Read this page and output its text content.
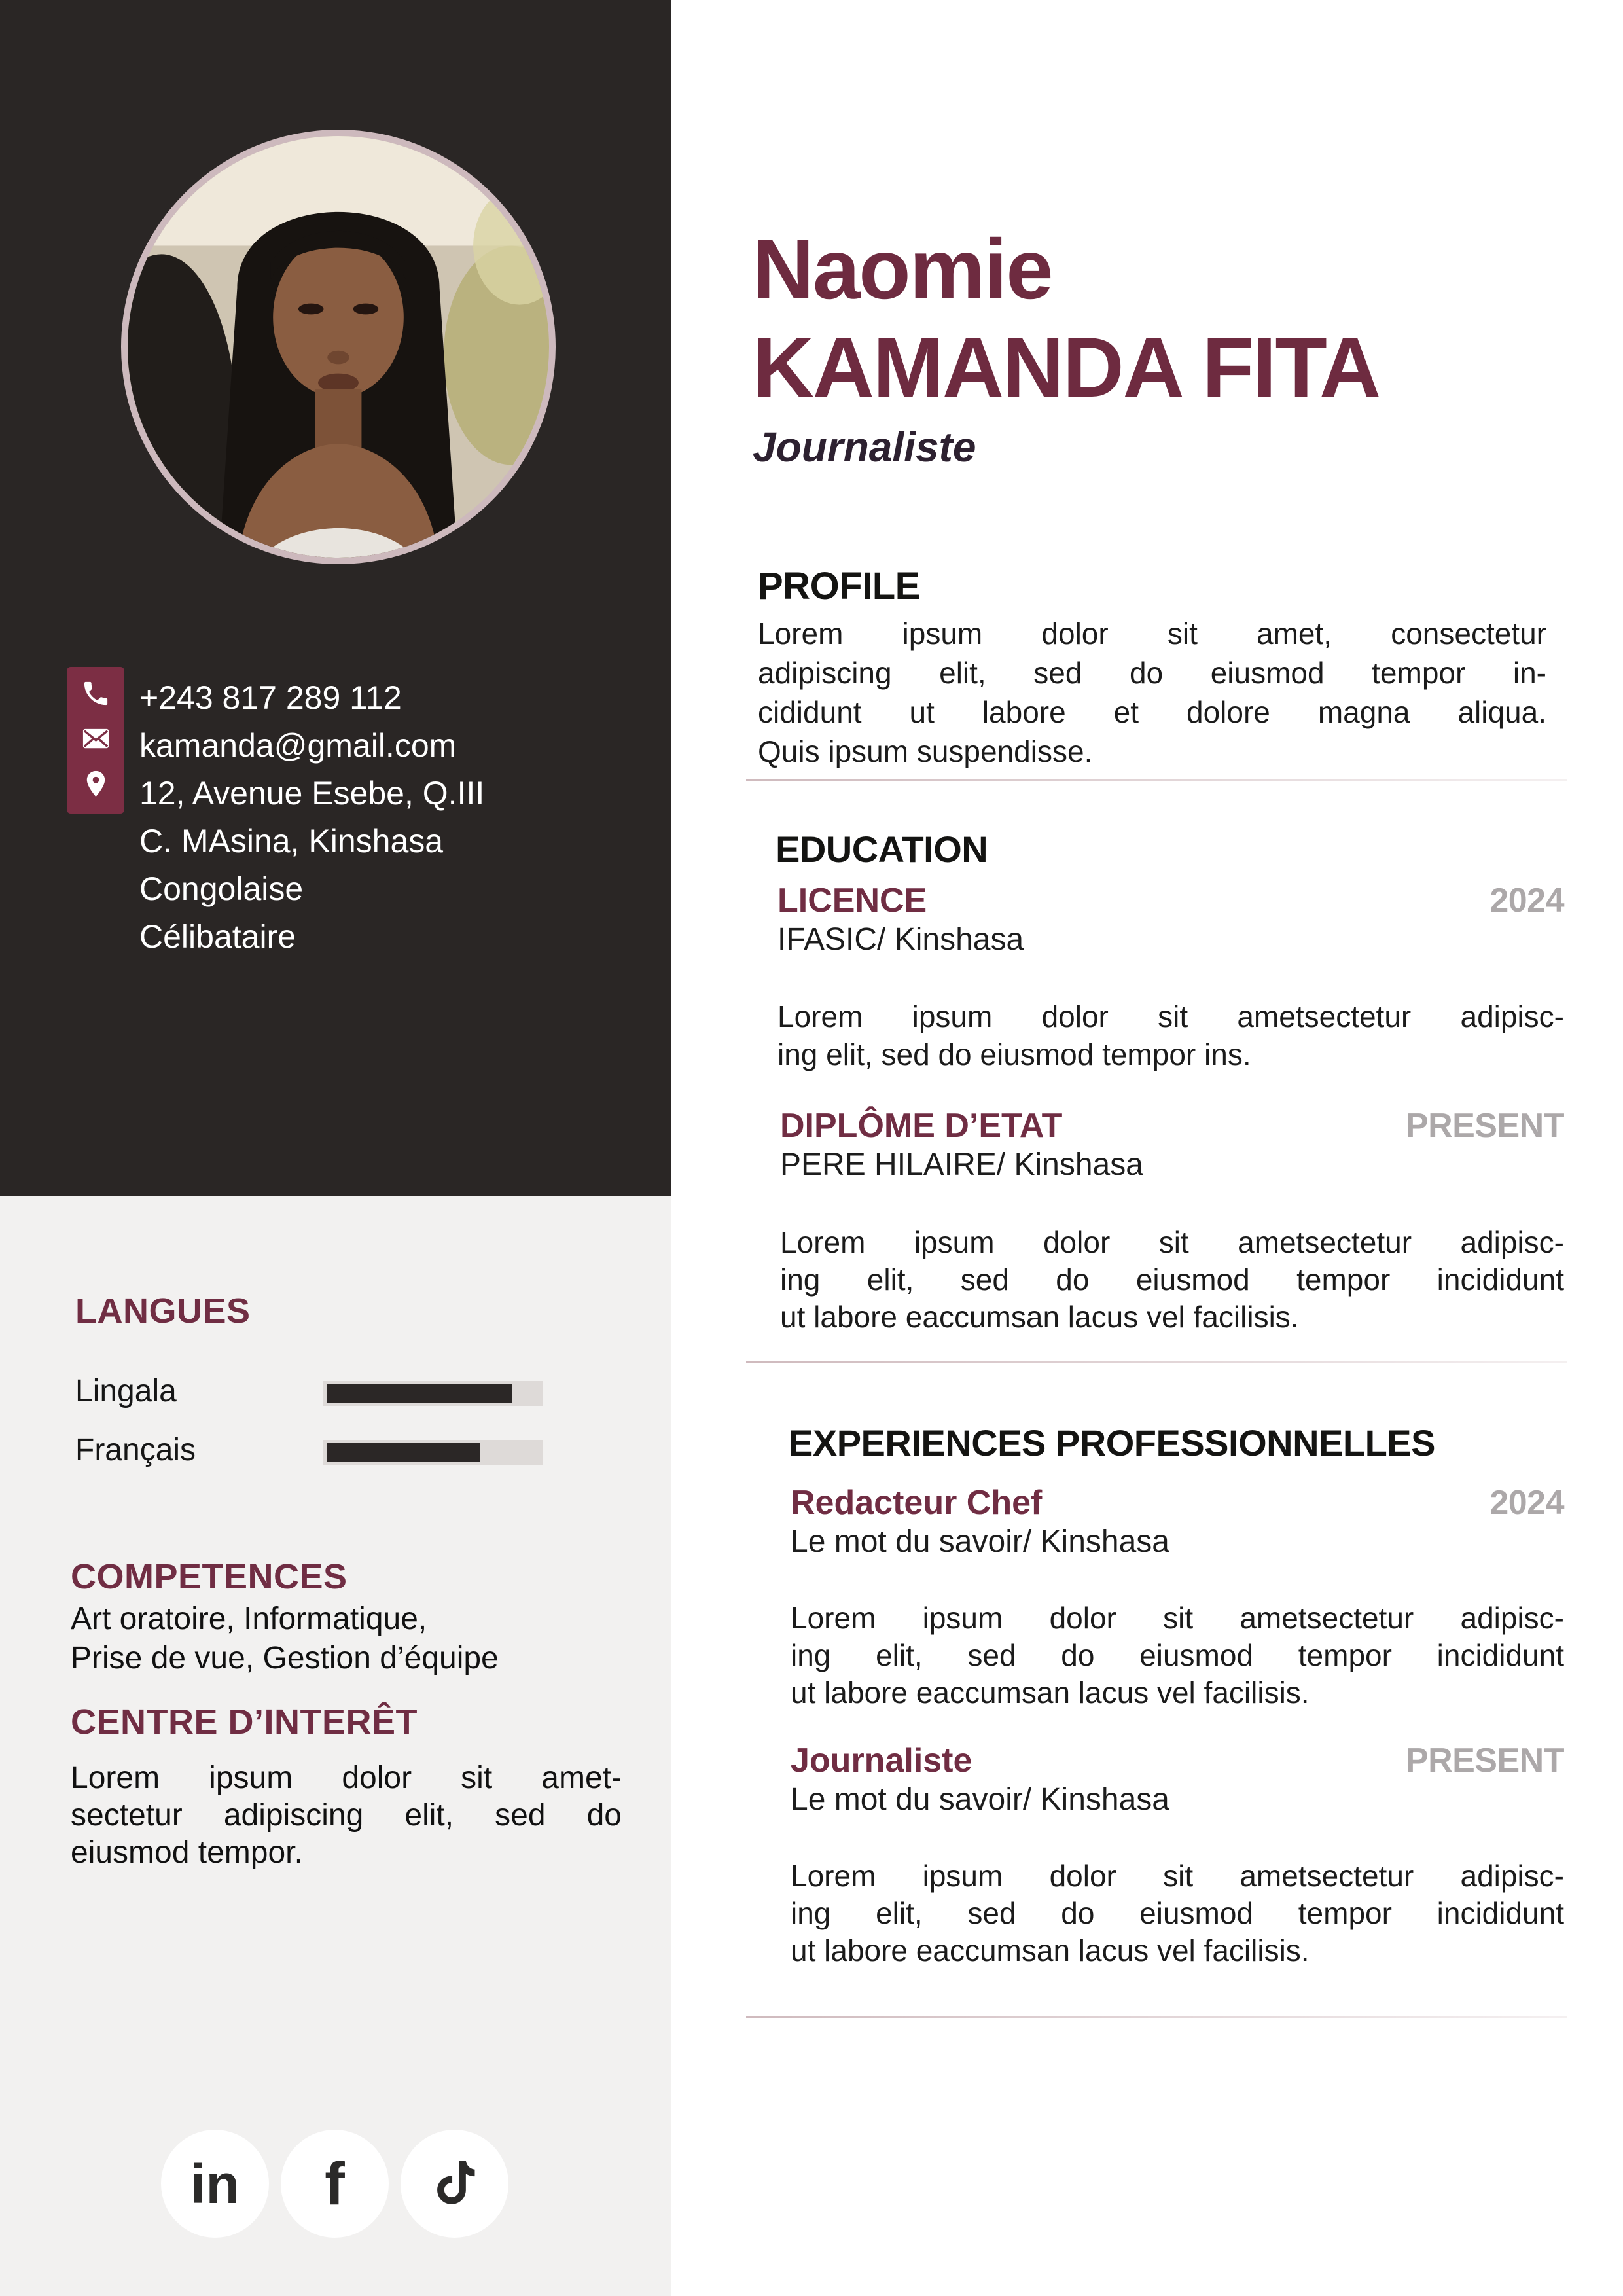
+243 817 289 112
kamanda@gmail.com
12, Avenue Esebe, Q.III
C. MAsina, Kinshasa
Congolaise
Célibataire
LANGUES
Lingala
Français
COMPETENCES
Art oratoire, Informatique,
Prise de vue, Gestion d’équipe
CENTRE D’INTERÊT
Lorem ipsum dolor sit amet-
sectetur adipiscing elit, sed do
eiusmod tempor.
in f
Naomie
KAMANDA FITA
Journaliste
PROFILE
Lorem ipsum dolor sit amet, consectetur
adipiscing elit, sed do eiusmod tempor in-
cididunt ut labore et dolore magna aliqua.
Quis ipsum suspendisse.
EDUCATION
LICENCE	2024
IFASIC/ Kinshasa
Lorem ipsum dolor sit ametsectetur adipisc-
ing elit, sed do eiusmod tempor ins.
DIPLÔME D’ETAT	PRESENT
PERE HILAIRE/ Kinshasa
Lorem ipsum dolor sit ametsectetur adipisc-
ing elit, sed do eiusmod tempor incididunt
ut labore eaccumsan lacus vel facilisis.
EXPERIENCES PROFESSIONNELLES
Redacteur Chef	2024
Le mot du savoir/ Kinshasa
Lorem ipsum dolor sit ametsectetur adipisc-
ing elit, sed do eiusmod tempor incididunt
ut labore eaccumsan lacus vel facilisis.
Journaliste	PRESENT
Le mot du savoir/ Kinshasa
Lorem ipsum dolor sit ametsectetur adipisc-
ing elit, sed do eiusmod tempor incididunt
ut labore eaccumsan lacus vel facilisis.
